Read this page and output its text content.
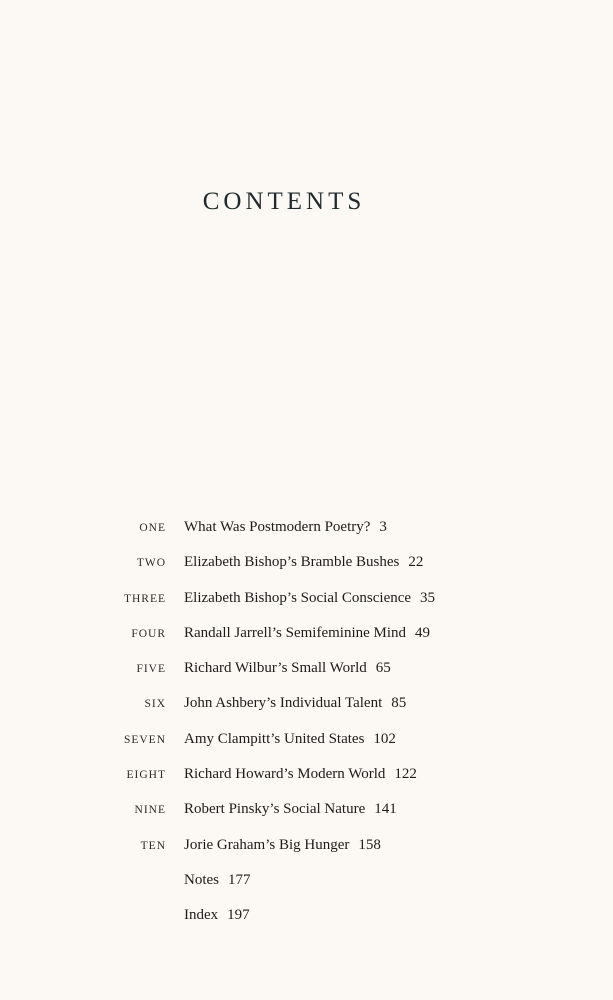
CONTENTS
ONE What Was Postmodern Poetry? 3
TWO Elizabeth Bishop’s Bramble Bushes 22
THREE Elizabeth Bishop’s Social Conscience 35
FOUR Randall Jarrell’s Semifeminine Mind 49
FIVE Richard Wilbur’s Small World 65
SIX John Ashbery’s Individual Talent 85
SEVEN Amy Clampitt’s United States 102
EIGHT Richard Howard’s Modern World 122
NINE Robert Pinsky’s Social Nature 141
TEN Jorie Graham’s Big Hunger 158
Notes 177
Index 197
